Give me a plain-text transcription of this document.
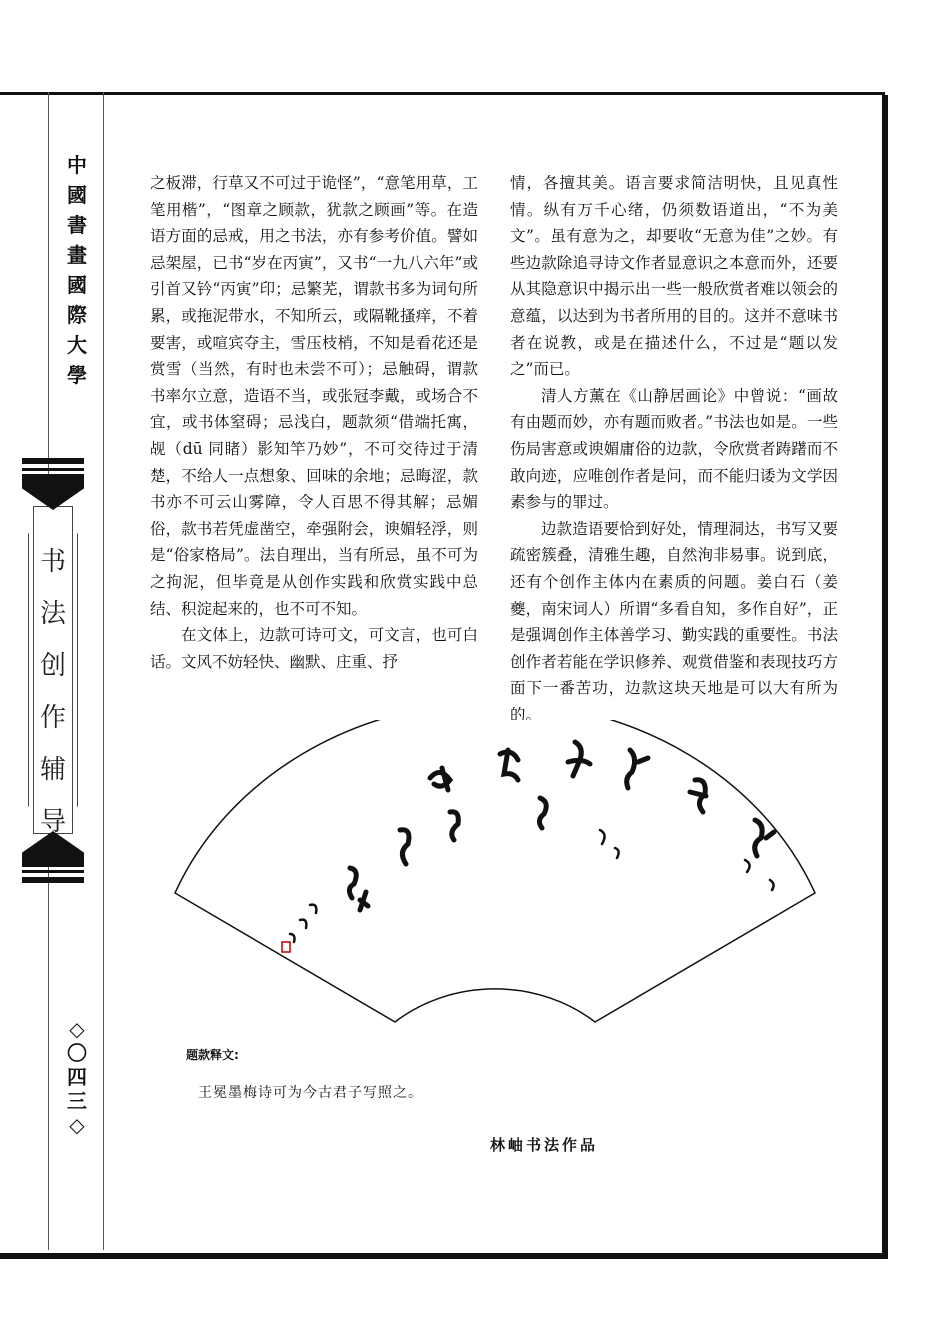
中國書畫國際大學
书法创作辅导
◇〇四三◇

之板滞，行草又不可过于诡怪”，“意笔用草，工笔用楷”，“图章之顾款，犹款之顾画”等。在造语方面的忌戒，用之书法，亦有参考价值。譬如忌架屋，已书“岁在丙寅”，又书“一九八六年”或引首又钤“丙寅”印；忌繁芜，谓款书多为词句所累，或拖泥带水，不知所云，或隔靴搔痒，不着要害，或喧宾夺主，雪压枝梢，不知是看花还是赏雪（当然，有时也未尝不可）；忌触碍，谓款书率尔立意，造语不当，或张冠李戴，或场合不宜，或书体窒碍；忌浅白，题款须“借端托寓，觇（dū 同睹）影知竿乃妙”，不可交待过于清楚，不给人一点想象、回味的余地；忌晦涩，款书亦不可云山雾障，令人百思不得其解；忌媚俗，款书若凭虚凿空，牵强附会，谀媚轻浮，则是“俗家格局”。法自理出，当有所忌，虽不可为之拘泥，但毕竟是从创作实践和欣赏实践中总结、积淀起来的，也不可不知。

在文体上，边款可诗可文，可文言，也可白话。文风不妨轻快、幽默、庄重、抒

情，各擅其美。语言要求简洁明快，且见真性情。纵有万千心绪，仍须数语道出，“不为美文”。虽有意为之，却要收“无意为佳”之妙。有些边款除追寻诗文作者显意识之本意而外，还要从其隐意识中揭示出一些一般欣赏者难以领会的意蕴，以达到为书者所用的目的。这并不意味书者在说教，或是在描述什么，不过是“题以发之”而已。

清人方薰在《山静居画论》中曾说：“画故有由题而妙，亦有题而败者。”书法也如是。一些伤局害意或谀媚庸俗的边款，令欣赏者踌躇而不敢向迹，应唯创作者是问，而不能归诿为文学因素参与的罪过。

边款造语要恰到好处，情理洞达，书写又要疏密簇叠，清雅生趣，自然洵非易事。说到底，还有个创作主体内在素质的问题。姜白石（姜夔，南宋词人）所谓“多看自知，多作自好”，正是强调创作主体善学习、勤实践的重要性。书法创作者若能在学识修养、观赏借鉴和表现技巧方面下一番苦功，边款这块天地是可以大有所为的。

题款释文:
王冕墨梅诗可为今古君子写照之。
林岫书法作品
